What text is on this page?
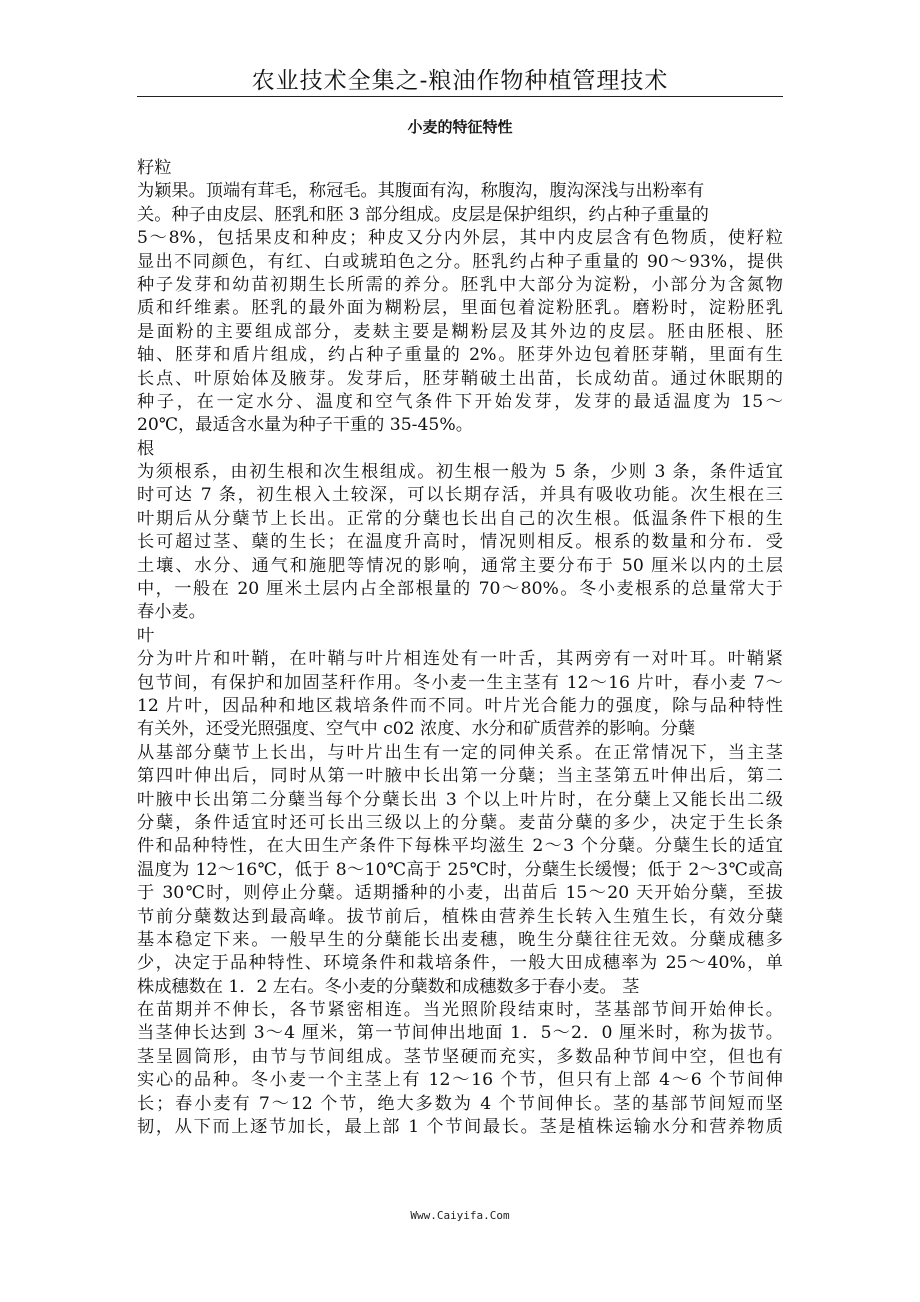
农业技术全集之-粮油作物种植管理技术
小麦的特征特性
籽粒
为颖果。顶端有茸毛，称冠毛。其腹面有沟，称腹沟，腹沟深浅与出粉率有
关。种子由皮层、胚乳和胚 3 部分组成。皮层是保护组织，约占种子重量的
5～8%，包括果皮和种皮；种皮又分内外层，其中内皮层含有色物质，使籽粒
显出不同颜色，有红、白或琥珀色之分。胚乳约占种子重量的 90～93%，提供
种子发芽和幼苗初期生长所需的养分。胚乳中大部分为淀粉，小部分为含氮物
质和纤维素。胚乳的最外面为糊粉层，里面包着淀粉胚乳。磨粉时，淀粉胚乳
是面粉的主要组成部分，麦麸主要是糊粉层及其外边的皮层。胚由胚根、胚
轴、胚芽和盾片组成，约占种子重量的 2%。胚芽外边包着胚芽鞘，里面有生
长点、叶原始体及腋芽。发芽后，胚芽鞘破土出苗，长成幼苗。通过休眠期的
种子，在一定水分、温度和空气条件下开始发芽，发芽的最适温度为 15～
20℃，最适含水量为种子干重的 35-45%。
根
为须根系，由初生根和次生根组成。初生根一般为 5 条，少则 3 条，条件适宜
时可达 7 条，初生根入土较深，可以长期存活，并具有吸收功能。次生根在三
叶期后从分蘖节上长出。正常的分蘖也长出自己的次生根。低温条件下根的生
长可超过茎、蘖的生长；在温度升高时，情况则相反。根系的数量和分布．受
土壤、水分、通气和施肥等情况的影响，通常主要分布于 50 厘米以内的土层
中，一般在 20 厘米土层内占全部根量的 70～80%。冬小麦根系的总量常大于
春小麦。
叶
分为叶片和叶鞘，在叶鞘与叶片相连处有一叶舌，其两旁有一对叶耳。叶鞘紧
包节间，有保护和加固茎秆作用。冬小麦一生主茎有 12～16 片叶，春小麦 7～
12 片叶，因品种和地区栽培条件而不同。叶片光合能力的强度，除与品种特性
有关外，还受光照强度、空气中 c02 浓度、水分和矿质营养的影响。分蘖
从基部分蘖节上长出，与叶片出生有一定的同伸关系。在正常情况下，当主茎
第四叶伸出后，同时从第一叶腋中长出第一分蘖；当主茎第五叶伸出后，第二
叶腋中长出第二分蘖当每个分蘖长出 3 个以上叶片时，在分蘖上又能长出二级
分蘖，条件适宜时还可长出三级以上的分蘖。麦苗分蘖的多少，决定于生长条
件和品种特性，在大田生产条件下每株平均滋生 2～3 个分蘖。分蘖生长的适宜
温度为 12～16℃，低于 8～10℃高于 25℃时，分蘖生长缓慢；低于 2～3℃或高
于 30℃时，则停止分蘖。适期播种的小麦，出苗后 15～20 天开始分蘖，至拔
节前分蘖数达到最高峰。拔节前后，植株由营养生长转入生殖生长，有效分蘖
基本稳定下来。一般早生的分蘖能长出麦穗，晚生分蘖往往无效。分蘖成穗多
少，决定于品种特性、环境条件和栽培条件，一般大田成穗率为 25～40%，单
株成穗数在 1．2 左右。冬小麦的分蘖数和成穗数多于春小麦。 茎
在苗期并不伸长，各节紧密相连。当光照阶段结束时，茎基部节间开始伸长。
当茎伸长达到 3～4 厘米，第一节间伸出地面 1．5～2．0 厘米时，称为拔节。
茎呈圆筒形，由节与节间组成。茎节坚硬而充实，多数品种节间中空，但也有
实心的品种。冬小麦一个主茎上有 12～16 个节，但只有上部 4～6 个节间伸
长；春小麦有 7～12 个节，绝大多数为 4 个节间伸长。茎的基部节间短而坚
韧，从下而上逐节加长，最上部 1 个节间最长。茎是植株运输水分和营养物质
Www.Caiyifa.Com
